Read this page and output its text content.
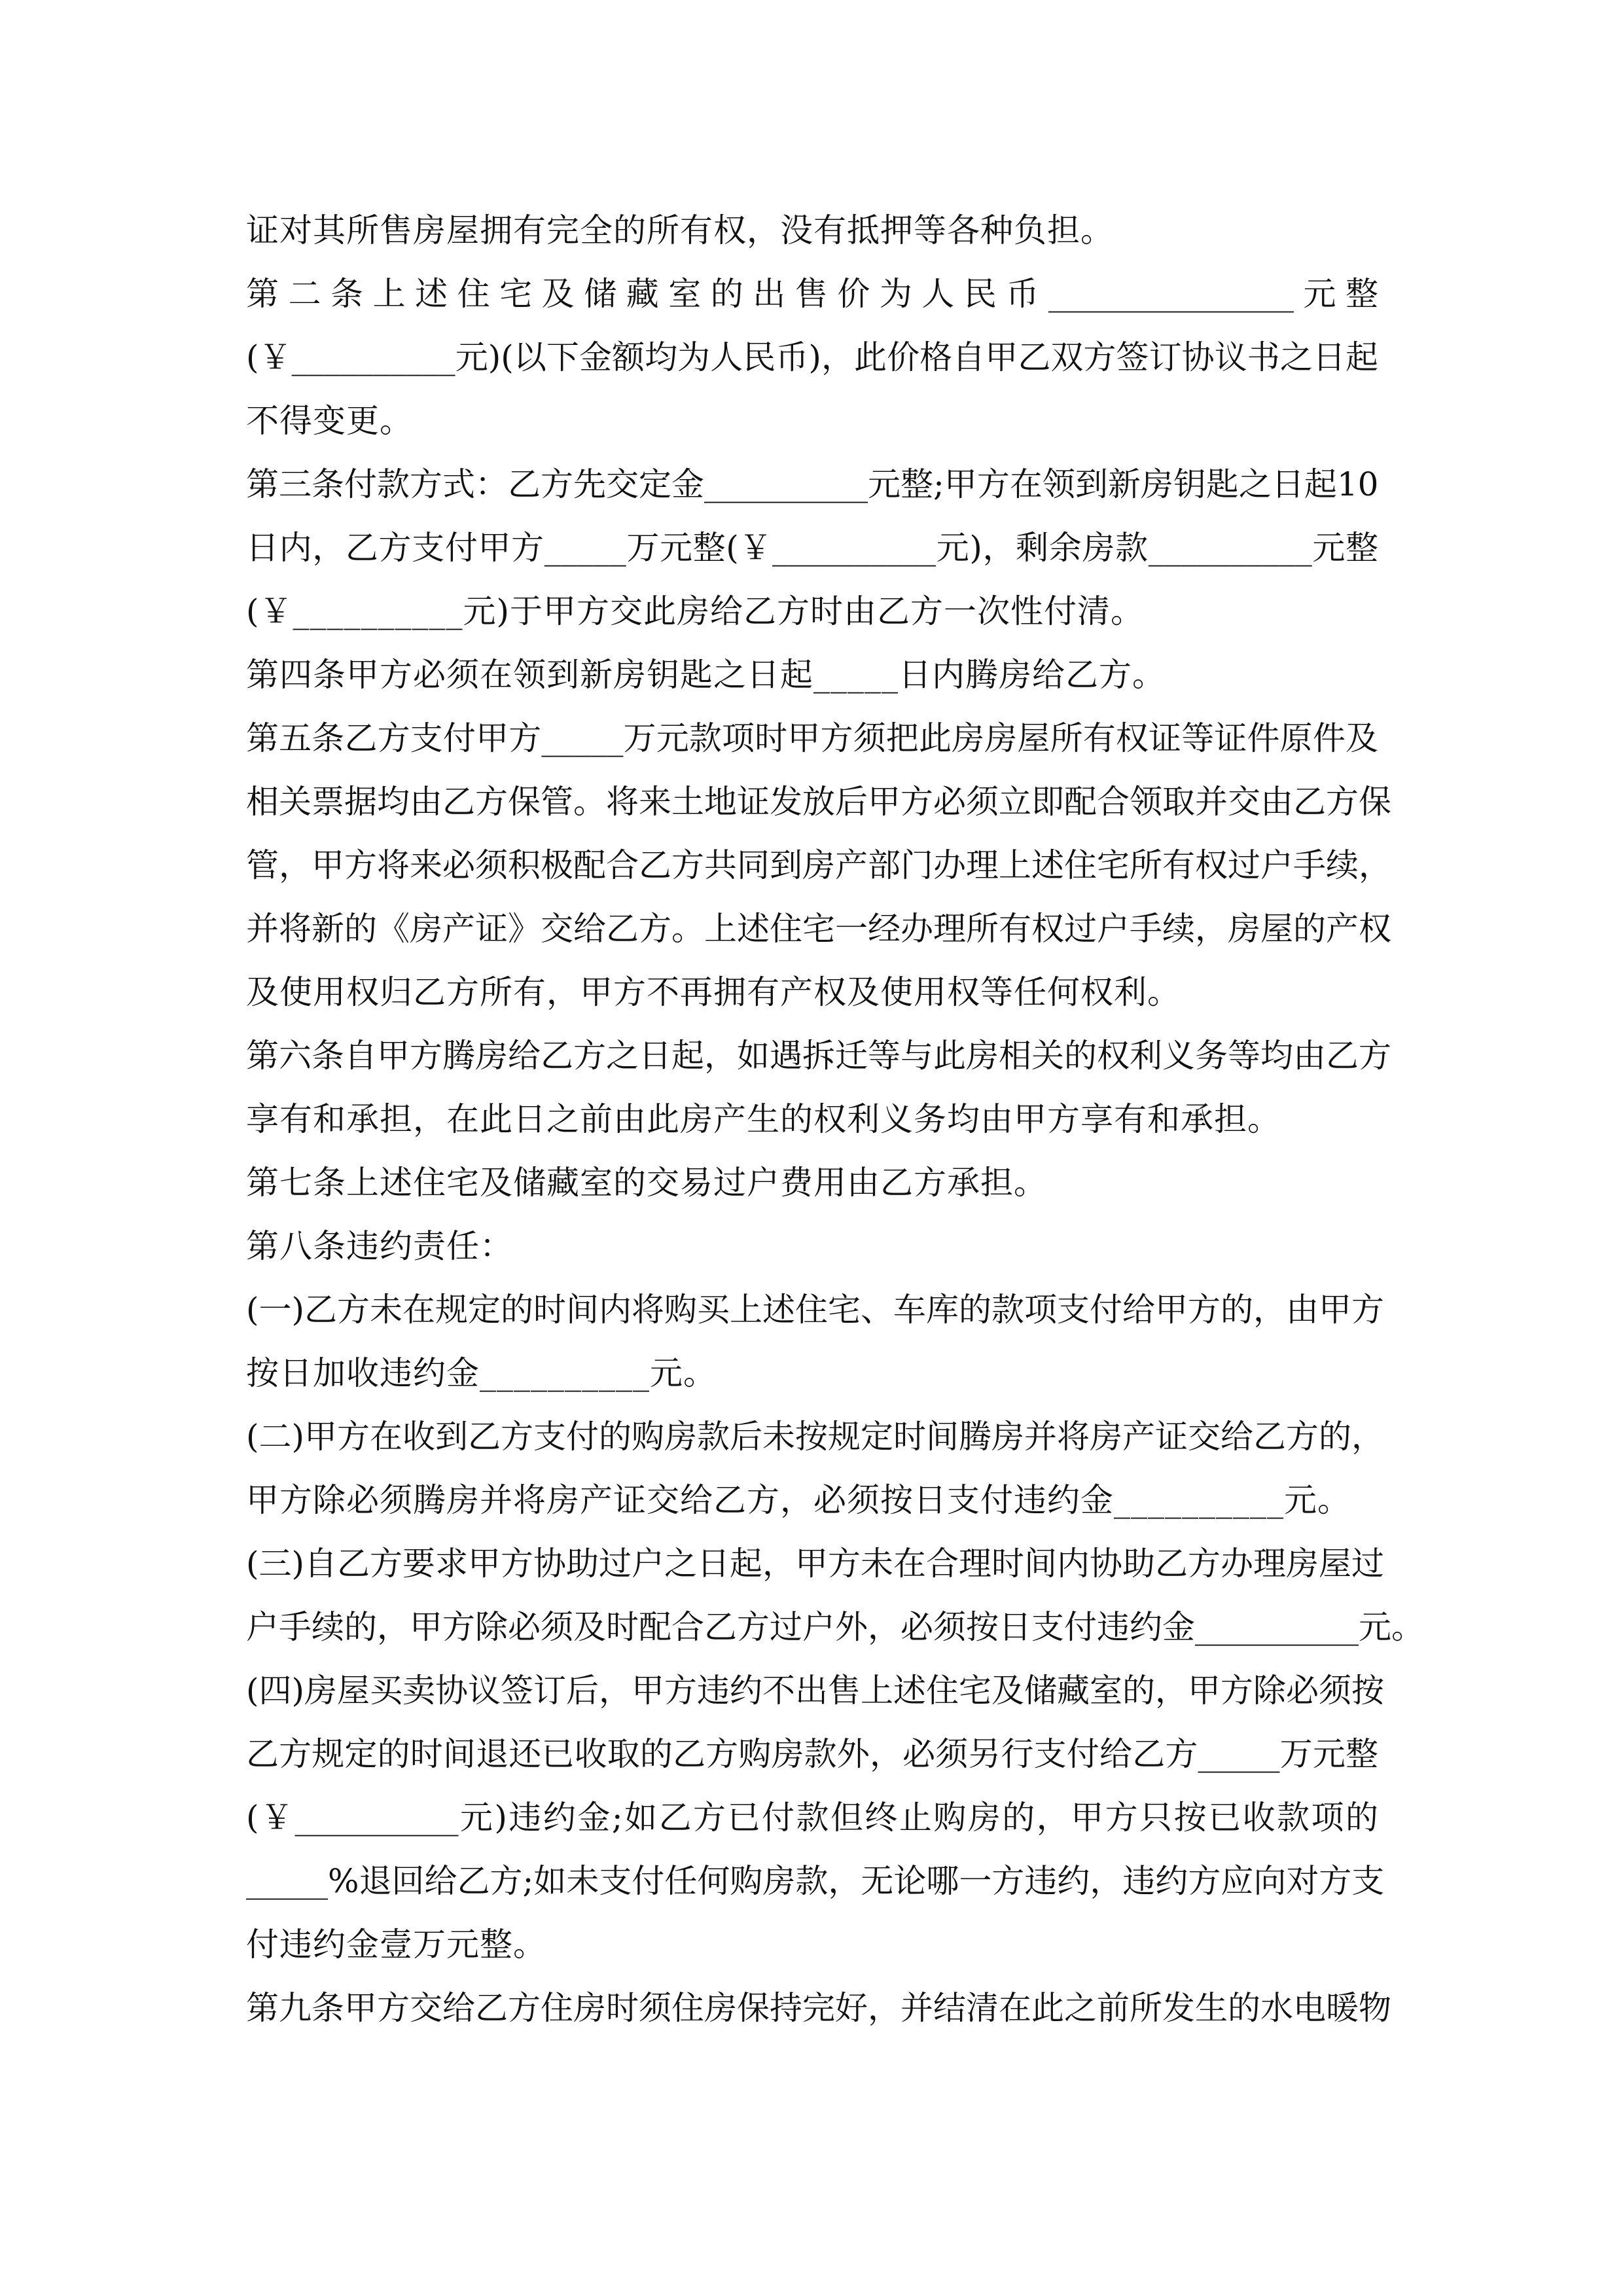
证对其所售房屋拥有完全的所有权，没有抵押等各种负担。
第二条上述住宅及储藏室的出售价为人民币_______________元整
(￥__________元)(以下金额均为人民币)，此价格自甲乙双方签订协议书之日起
不得变更。
第三条付款方式：乙方先交定金__________元整;甲方在领到新房钥匙之日起10
日内，乙方支付甲方_____万元整(￥__________元)，剩余房款__________元整
(￥__________元)于甲方交此房给乙方时由乙方一次性付清。
第四条甲方必须在领到新房钥匙之日起_____日内腾房给乙方。
第五条乙方支付甲方_____万元款项时甲方须把此房房屋所有权证等证件原件及
相关票据均由乙方保管。将来土地证发放后甲方必须立即配合领取并交由乙方保
管，甲方将来必须积极配合乙方共同到房产部门办理上述住宅所有权过户手续，
并将新的《房产证》交给乙方。上述住宅一经办理所有权过户手续，房屋的产权
及使用权归乙方所有，甲方不再拥有产权及使用权等任何权利。
第六条自甲方腾房给乙方之日起，如遇拆迁等与此房相关的权利义务等均由乙方
享有和承担，在此日之前由此房产生的权利义务均由甲方享有和承担。
第七条上述住宅及储藏室的交易过户费用由乙方承担。
第八条违约责任：
(一)乙方未在规定的时间内将购买上述住宅、车库的款项支付给甲方的，由甲方
按日加收违约金__________元。
(二)甲方在收到乙方支付的购房款后未按规定时间腾房并将房产证交给乙方的，
甲方除必须腾房并将房产证交给乙方，必须按日支付违约金__________元。
(三)自乙方要求甲方协助过户之日起，甲方未在合理时间内协助乙方办理房屋过
户手续的，甲方除必须及时配合乙方过户外，必须按日支付违约金__________元。
(四)房屋买卖协议签订后，甲方违约不出售上述住宅及储藏室的，甲方除必须按
乙方规定的时间退还已收取的乙方购房款外，必须另行支付给乙方_____万元整
(￥__________元)违约金;如乙方已付款但终止购房的，甲方只按已收款项的
_____%退回给乙方;如未支付任何购房款，无论哪一方违约，违约方应向对方支
付违约金壹万元整。
第九条甲方交给乙方住房时须住房保持完好，并结清在此之前所发生的水电暖物
